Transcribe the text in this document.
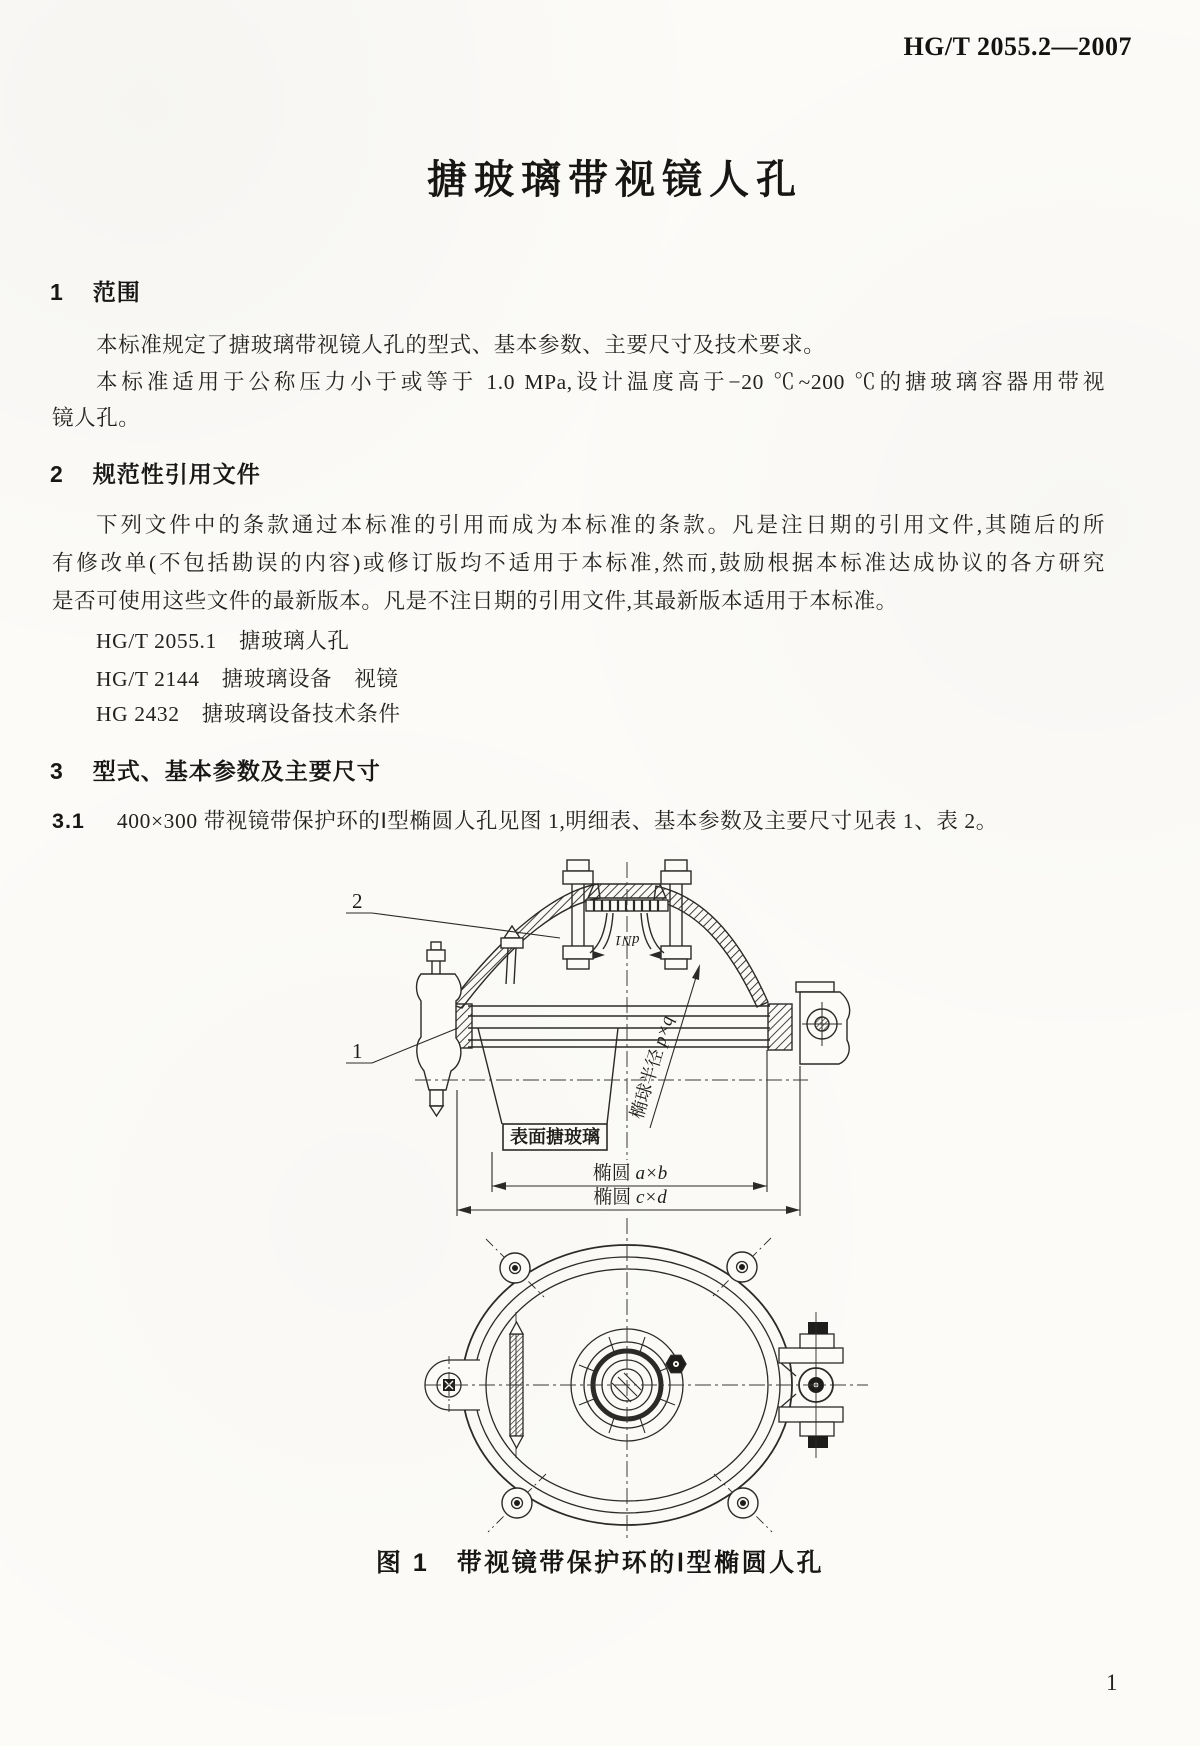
HG/T 2055.2—2007
搪玻璃带视镜人孔
1 范围
本标准规定了搪玻璃带视镜人孔的型式、基本参数、主要尺寸及技术要求。
本标准适用于公称压力小于或等于 1.0 MPa,设计温度高于−20 ℃~200 ℃的搪玻璃容器用带视
镜人孔。
2 规范性引用文件
下列文件中的条款通过本标准的引用而成为本标准的条款。凡是注日期的引用文件,其随后的所
有修改单(不包括勘误的内容)或修订版均不适用于本标准,然而,鼓励根据本标准达成协议的各方研究
是否可使用这些文件的最新版本。凡是不注日期的引用文件,其最新版本适用于本标准。
HG/T 2055.1　搪玻璃人孔
HG/T 2144　搪玻璃设备　视镜
HG 2432　搪玻璃设备技术条件
3 型式、基本参数及主要尺寸
3.1 400×300 带视镜带保护环的Ⅰ型椭圆人孔见图 1,明细表、基本参数及主要尺寸见表 1、表 2。
2
1
dN1
表面搪玻璃
椭球半径 p×q
椭圆 a×b
椭圆 c×d
图 1　带视镜带保护环的Ⅰ型椭圆人孔
1
